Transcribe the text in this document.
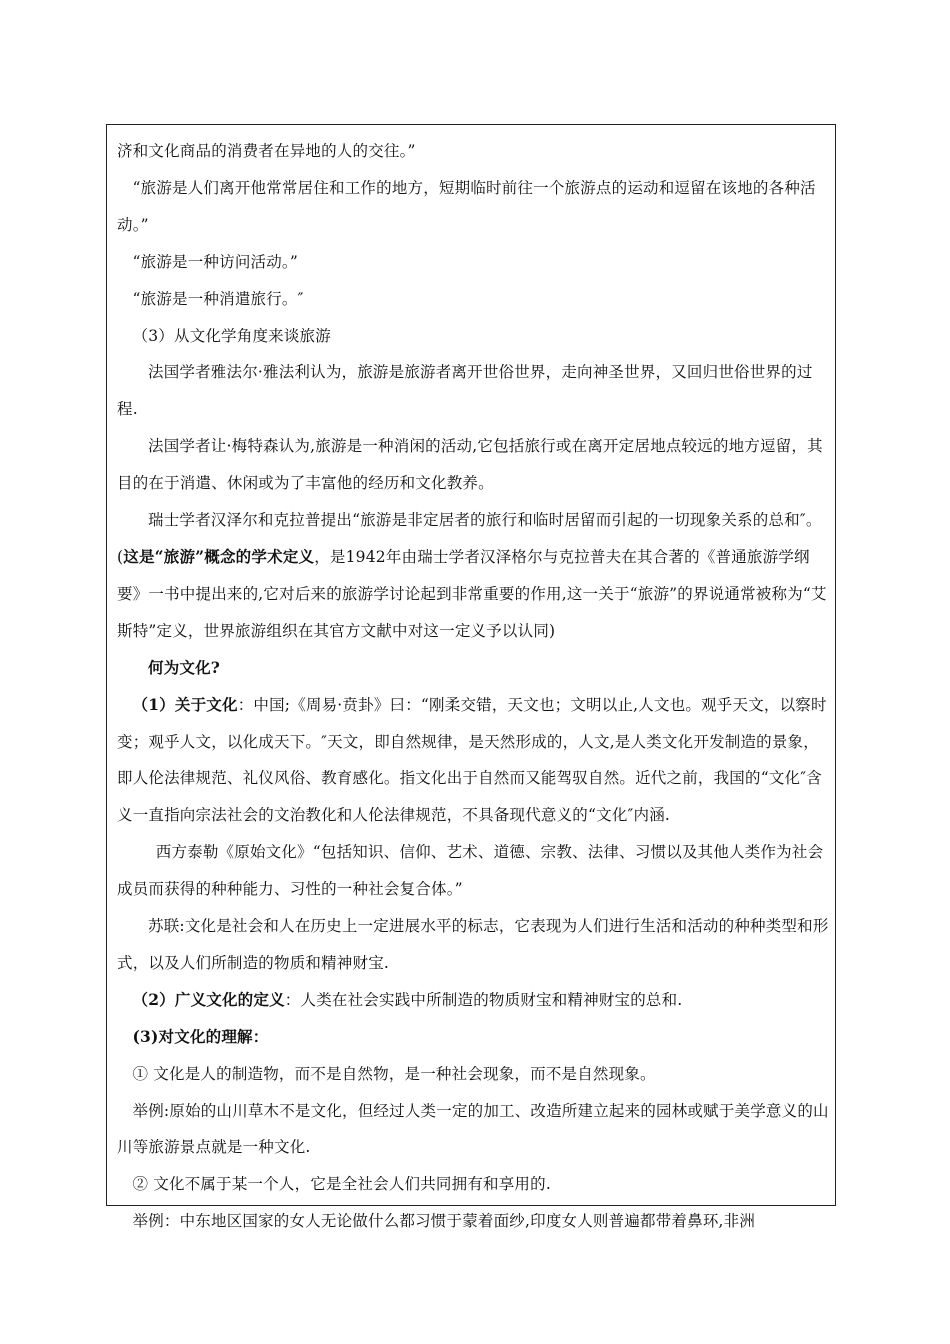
济和文化商品的消费者在异地的人的交往。”

“旅游是人们离开他常常居住和工作的地方，短期临时前往一个旅游点的运动和逗留在该地的各种活动。”

“旅游是一种访问活动。”

“旅游是一种消遣旅行。″

（3）从文化学角度来谈旅游

法国学者雅法尔·雅法利认为，旅游是旅游者离开世俗世界，走向神圣世界，又回归世俗世界的过程.

法国学者让·梅特森认为,旅游是一种消闲的活动,它包括旅行或在离开定居地点较远的地方逗留，其目的在于消遣、休闲或为了丰富他的经历和文化教养。

瑞士学者汉泽尔和克拉普提出“旅游是非定居者的旅行和临时居留而引起的一切现象关系的总和″。(这是“旅游”概念的学术定义，是1942年由瑞士学者汉泽格尔与克拉普夫在其合著的《普通旅游学纲要》一书中提出来的,它对后来的旅游学讨论起到非常重要的作用,这一关于“旅游”的界说通常被称为“艾斯特”定义，世界旅游组织在其官方文献中对这一定义予以认同)

何为文化?

（1）关于文化：中国;《周易·贲卦》曰：“刚柔交错，天文也；文明以止,人文也。观乎天文，以察时变；观乎人文，以化成天下。″天文，即自然规律，是天然形成的，人文,是人类文化开发制造的景象，即人伦法律规范、礼仪风俗、教育感化。指文化出于自然而又能驾驭自然。近代之前，我国的“文化″含义一直指向宗法社会的文治教化和人伦法律规范，不具备现代意义的“文化″内涵.

西方泰勒《原始文化》“包括知识、信仰、艺术、道德、宗教、法律、习惯以及其他人类作为社会成员而获得的种种能力、习性的一种社会复合体。”

苏联:文化是社会和人在历史上一定进展水平的标志，它表现为人们进行生活和活动的种种类型和形式，以及人们所制造的物质和精神财宝.

（2）广义文化的定义：人类在社会实践中所制造的物质财宝和精神财宝的总和.

(3)对文化的理解：

① 文化是人的制造物，而不是自然物，是一种社会现象，而不是自然现象。

举例:原始的山川草木不是文化，但经过人类一定的加工、改造所建立起来的园林或赋于美学意义的山川等旅游景点就是一种文化.

② 文化不属于某一个人，它是全社会人们共同拥有和享用的.

举例：中东地区国家的女人无论做什么都习惯于蒙着面纱,印度女人则普遍都带着鼻环,非洲
